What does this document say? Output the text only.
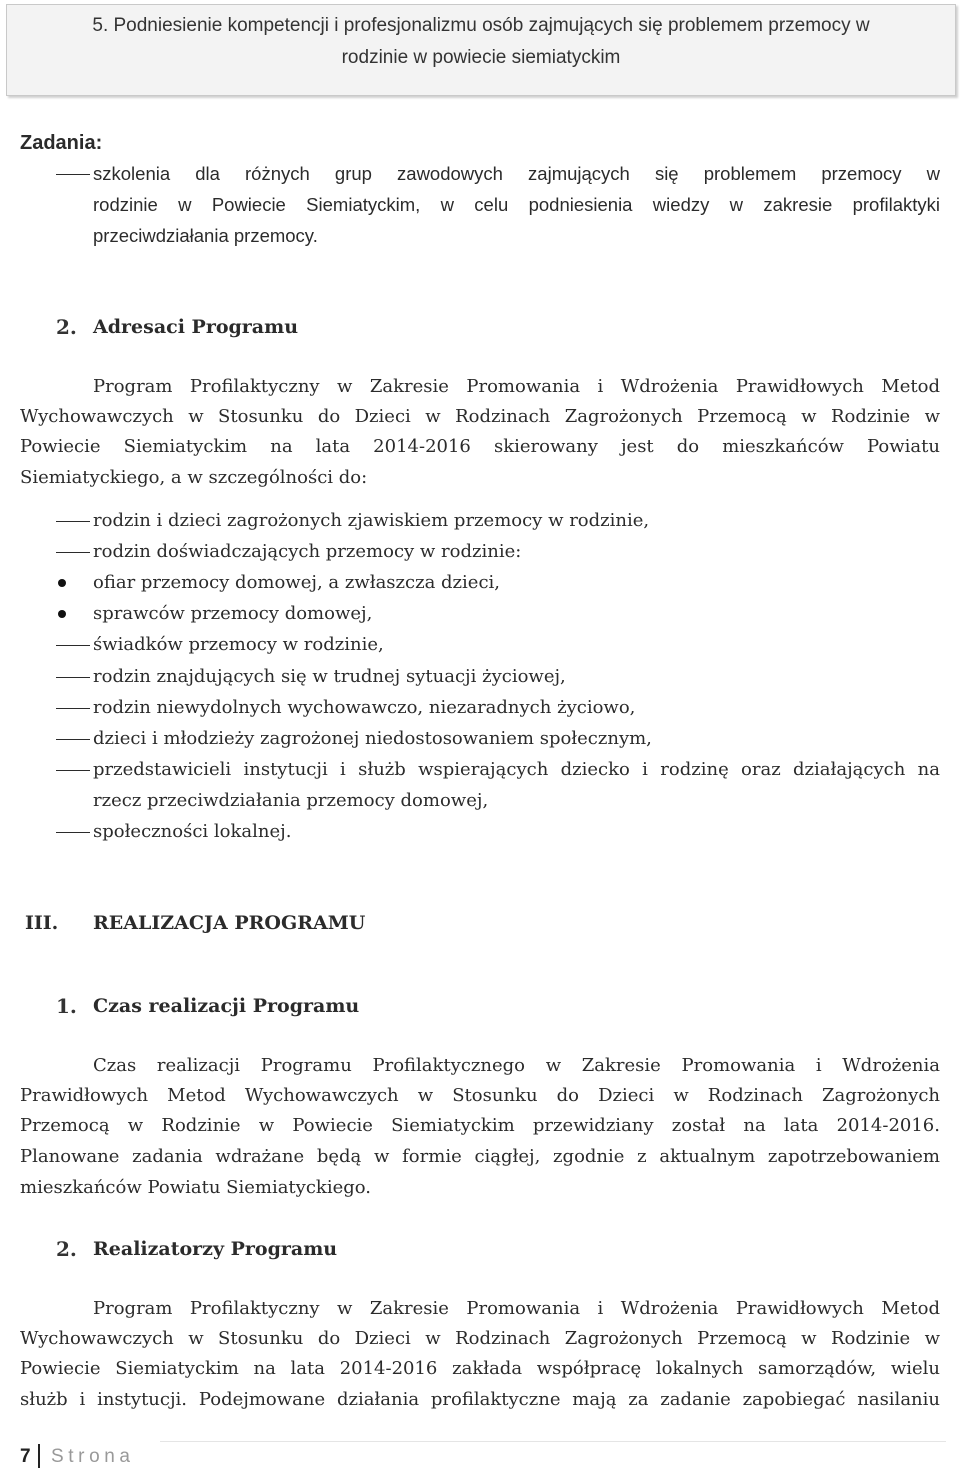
5. Podniesienie kompetencji i profesjonalizmu osób zajmujących się problemem przemocy w
rodzinie w powiecie siemiatyckim
Zadania:
szkolenia dla różnych grup zawodowych zajmujących się problemem przemocy w
rodzinie w Powiecie Siemiatyckim, w celu podniesienia wiedzy w zakresie profilaktyki
przeciwdziałania przemocy.
2. Adresaci Programu
Program Profilaktyczny w Zakresie Promowania i Wdrożenia Prawidłowych Metod
Wychowawczych w Stosunku do Dzieci w Rodzinach Zagrożonych Przemocą w Rodzinie w
Powiecie Siemiatyckim na lata 2014-2016 skierowany jest do mieszkańców Powiatu
Siemiatyckiego, a w szczególności do:
rodzin i dzieci zagrożonych zjawiskiem przemocy w rodzinie,
rodzin doświadczających przemocy w rodzinie:
ofiar przemocy domowej, a zwłaszcza dzieci,
sprawców przemocy domowej,
świadków przemocy w rodzinie,
rodzin znajdujących się w trudnej sytuacji życiowej,
rodzin niewydolnych wychowawczo, niezaradnych życiowo,
dzieci i młodzieży zagrożonej niedostosowaniem społecznym,
przedstawicieli instytucji i służb wspierających dziecko i rodzinę oraz działających na
rzecz przeciwdziałania przemocy domowej,
społeczności lokalnej.
III. REALIZACJA PROGRAMU
1. Czas realizacji Programu
Czas realizacji Programu Profilaktycznego w Zakresie Promowania i Wdrożenia
Prawidłowych Metod Wychowawczych w Stosunku do Dzieci w Rodzinach Zagrożonych
Przemocą w Rodzinie w Powiecie Siemiatyckim przewidziany został na lata 2014-2016.
Planowane zadania wdrażane będą w formie ciągłej, zgodnie z aktualnym zapotrzebowaniem
mieszkańców Powiatu Siemiatyckiego.
2. Realizatorzy Programu
Program Profilaktyczny w Zakresie Promowania i Wdrożenia Prawidłowych Metod
Wychowawczych w Stosunku do Dzieci w Rodzinach Zagrożonych Przemocą w Rodzinie w
Powiecie Siemiatyckim na lata 2014-2016 zakłada współpracę lokalnych samorządów, wielu
służb i instytucji. Podejmowane działania profilaktyczne mają za zadanie zapobiegać nasilaniu
7 Strona
